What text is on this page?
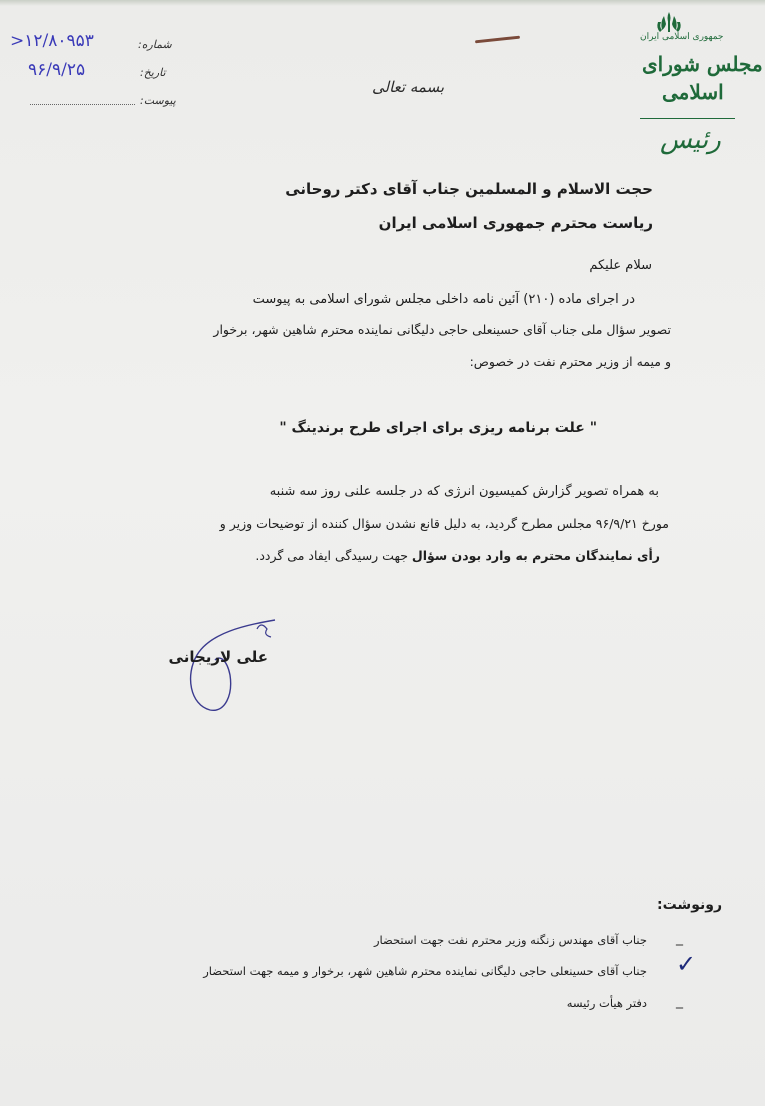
جمهوری اسلامی ایران
مجلس شورای
اسلامی
رئیس
شماره:
>۱۲/۸۰۹۵۳
تاریخ:
۹۶/۹/۲۵
پیوست:
بسمه تعالی
حجت الاسلام و المسلمین جناب آقای دکتر روحانی
ریاست محترم جمهوری اسلامی ایران
سلام علیکم
در اجرای ماده (۲۱۰) آئین نامه داخلی مجلس شورای اسلامی به پیوست
تصویر سؤال ملی جناب آقای حسینعلی حاجی دلیگانی نماینده محترم شاهین شهر، برخوار
و میمه از وزیر محترم نفت در خصوص:
" علت برنامه ریزی برای اجرای طرح برندینگ "
به همراه تصویر گزارش کمیسیون انرژی که در جلسه علنی روز سه شنبه
مورخ ۹۶/۹/۲۱ مجلس مطرح گردید، به دلیل قانع نشدن سؤال کننده از توضیحات وزیر و
رأی نمایندگان محترم به وارد بودن سؤال جهت رسیدگی ایفاد می گردد.
علی لاریجانی
رونوشت:
_
جناب آقای مهندس زنگنه وزیر محترم نفت جهت استحضار
✓
جناب آقای حسینعلی حاجی دلیگانی نماینده محترم شاهین شهر، برخوار و میمه جهت استحضار
_
دفتر هیأت رئیسه
